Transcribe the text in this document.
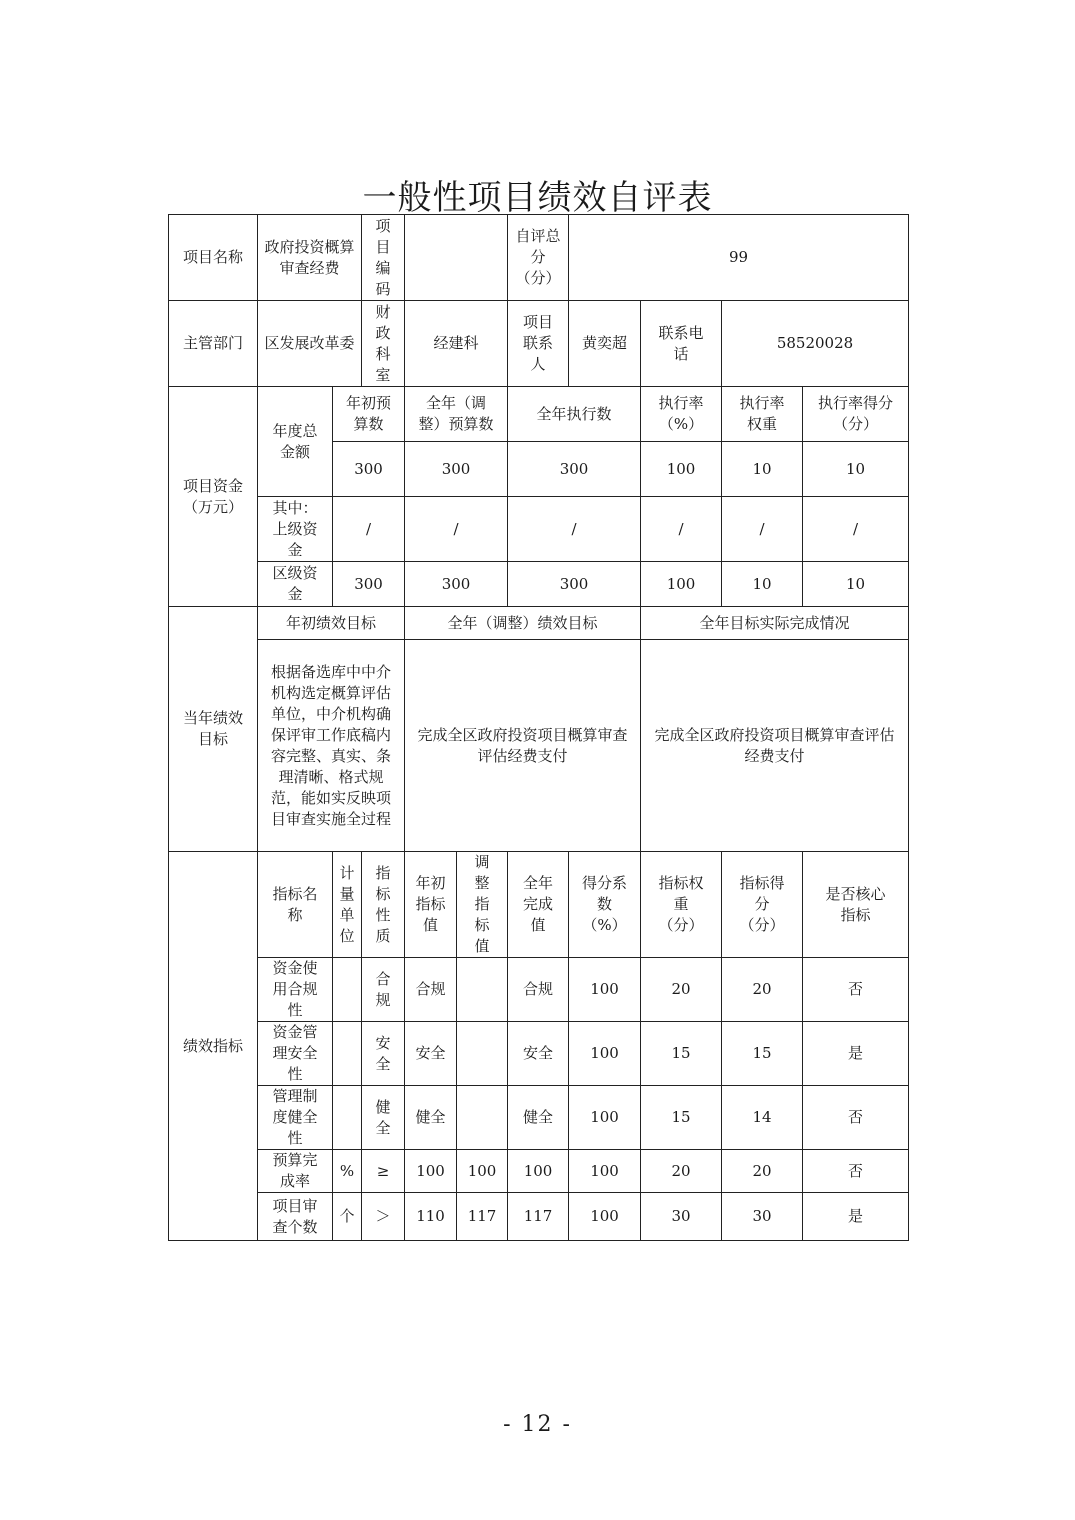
一般性项目绩效自评表
项目名称	政府投资概算审查经费		项目编码			自评总分（分）	99			
主管部门	区发展改革委		财政科室	经建科		项目联系人	黄奕超	联系电话	58520028	

项目资金（万元）	年度总金额	年初预算数		全年（调整）预算数		全年执行数		执行率（%）	执行率权重	执行率得分（分）

		300		300		300		100	10	10

	其中：上级资金	/		/		/		/	/	/

	区级资金	300		300		300		100	10	10

当年绩效目标	年初绩效目标			全年（调整）绩效目标				全年目标实际完成情况		

	根据备选库中中介机构选定概算评估单位，中介机构确保评审工作底稿内容完整、真实、条理清晰、格式规范，能如实反映项目审查实施全过程			完成全区政府投资项目概算审查评估经费支付				完成全区政府投资项目概算审查评估经费支付		

绩效指标	指标名称	计量单位	指标性质	年初指标值	调整指标值	全年完成值	得分系数（%）	指标权重（分）	指标得分（分）	是否核心指标

	资金使用合规性		合规	合规		合规	100	20	20	否

	资金管理安全性		安全	安全		安全	100	15	15	是

	管理制度健全性		健全	健全		健全	100	15	14	否

	预算完成率	%	≥	100	100	100	100	20	20	否

	项目审查个数	个	＞	110	117	117	100	30	30	是
- 12 -
